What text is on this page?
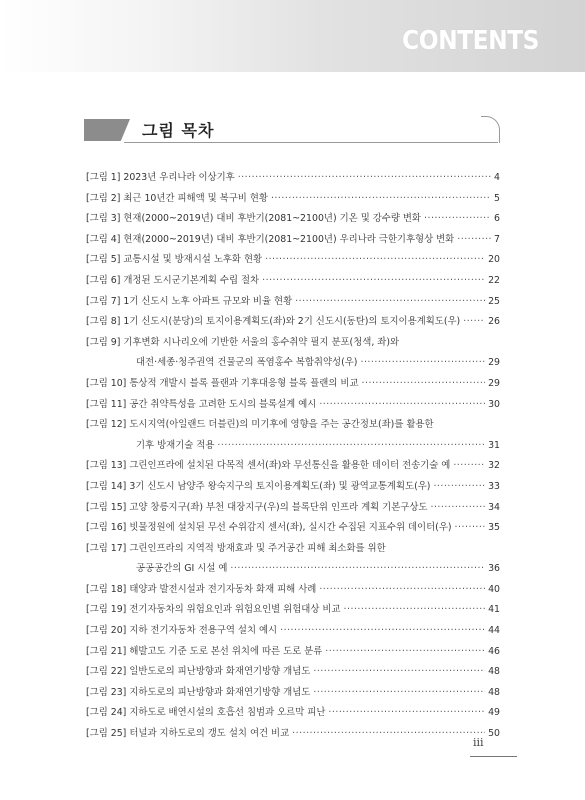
CONTENTS
그림 목차
[그림 1] 2023년 우리나라 이상기후 ·····	4
[그림 2] 최근 10년간 피해액 및 복구비 현황 ·····	5
[그림 3] 현재(2000~2019년) 대비 후반기(2081~2100년) 기온 및 강수량 변화 ·····	6
[그림 4] 현재(2000~2019년) 대비 후반기(2081~2100년) 우리나라 극한기후형상 변화 ·····	7
[그림 5] 교통시설 및 방재시설 노후화 현황 ·····	20
[그림 6] 개정된 도시군기본계획 수립 절차 ·····	22
[그림 7] 1기 신도시 노후 아파트 규모와 비율 현황 ·····	25
[그림 8] 1기 신도시(분당)의 토지이용계획도(좌)와 2기 신도시(동탄)의 토지이용계획도(우) ·····	26
[그림 9] 기후변화 시나리오에 기반한 서울의 홍수취약 필지 분포(청색, 좌)와
대전·세종·청주권역 건물군의 폭염홍수 복합취약성(우) ·····	29
[그림 10] 통상적 개발시 블록 플랜과 기후대응형 블록 플랜의 비교 ·····	29
[그림 11] 공간 취약특성을 고려한 도시의 블록설계 예시 ·····	30
[그림 12] 도시지역(아일랜드 더블린)의 미기후에 영향을 주는 공간정보(좌)를 활용한
기후 방재기술 적용 ·····	31
[그림 13] 그린인프라에 설치된 다목적 센서(좌)와 무선통신을 활용한 데이터 전송기술 예 ·····	32
[그림 14] 3기 신도시 남양주 왕숙지구의 토지이용계획도(좌) 및 광역교통계획도(우) ·····	33
[그림 15] 고양 창릉지구(좌) 부천 대장지구(우)의 블록단위 인프라 계획 기본구상도 ·····	34
[그림 16] 빗물정원에 설치된 무선 수위감지 센서(좌), 실시간 수집된 지표수위 데이터(우) ·····	35
[그림 17] 그린인프라의 지역적 방재효과 및 주거공간 피해 최소화를 위한
공공공간의 GI 시설 예 ·····	36
[그림 18] 태양과 발전시설과 전기자동차 화재 피해 사례 ·····	40
[그림 19] 전기자동차의 위험요인과 위험요인별 위험대상 비교 ·····	41
[그림 20] 지하 전기자동차 전용구역 설치 예시 ·····	44
[그림 21] 해발고도 기준 도로 본선 위치에 따른 도로 분류 ·····	46
[그림 22] 일반도로의 피난방향과 화재연기방향 개념도 ·····	48
[그림 23] 지하도로의 피난방향과 화재연기방향 개념도 ·····	48
[그림 24] 지하도로 배연시설의 호흡선 침범과 오르막 피난 ·····	49
[그림 25] 터널과 지하도로의 갱도 설치 여건 비교 ·····	50
iii
